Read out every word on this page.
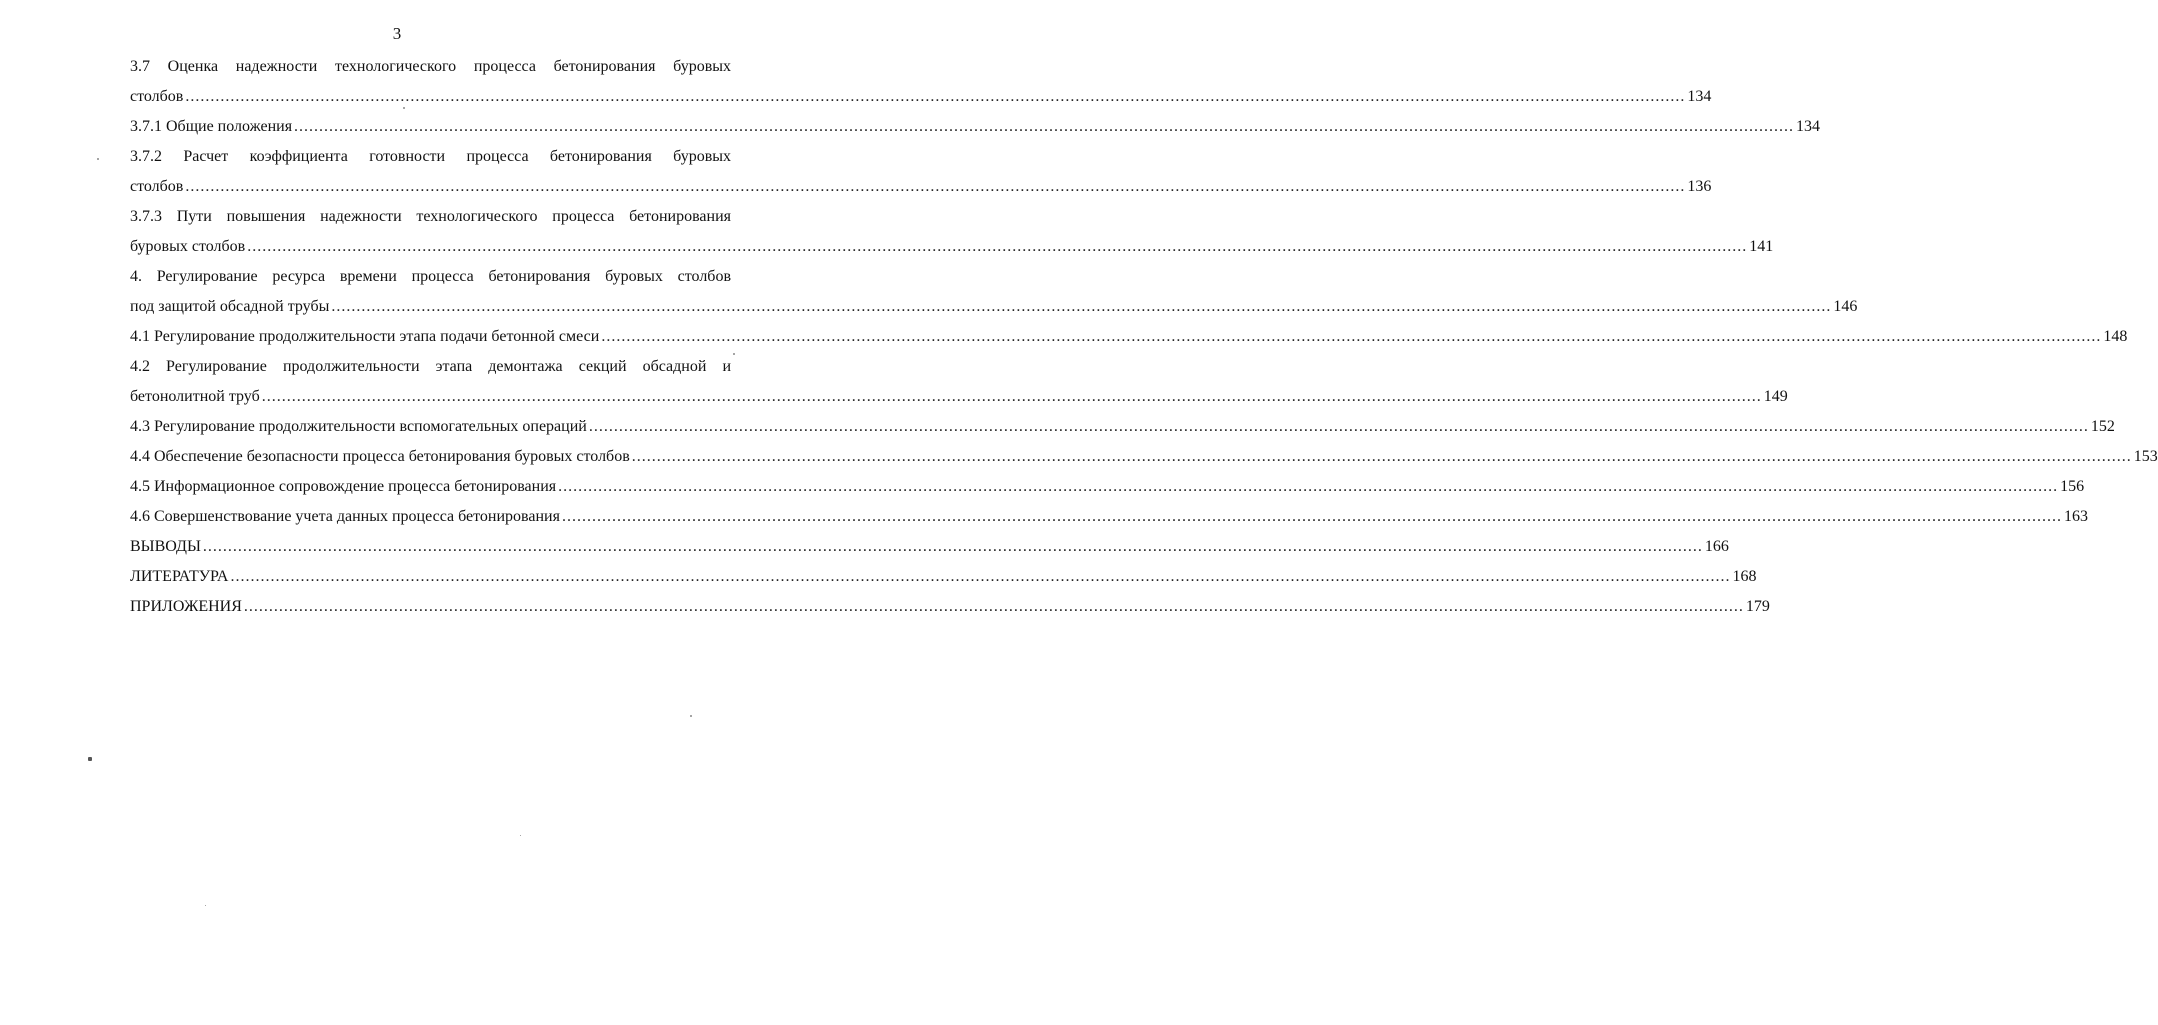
3
3.7 Оценка надежности технологического процесса бетонирования буровых
столбов ............................................................................................................................................................................................................................................................................................................ 134
3.7.1 Общие положения ............................................................................................................................................................................................................................................................................................................ 134
3.7.2 Расчет коэффициента готовности процесса бетонирования буровых
столбов ............................................................................................................................................................................................................................................................................................................ 136
3.7.3 Пути повышения надежности технологического процесса бетонирования
буровых столбов ............................................................................................................................................................................................................................................................................................................ 141
4. Регулирование ресурса времени процесса бетонирования буровых столбов
под защитой обсадной трубы ............................................................................................................................................................................................................................................................................................................ 146
4.1 Регулирование продолжительности этапа подачи бетонной смеси ............................................................................................................................................................................................................................................................................................................ 148
4.2 Регулирование продолжительности этапа демонтажа секций обсадной и
бетонолитной труб ............................................................................................................................................................................................................................................................................................................ 149
4.3 Регулирование продолжительности вспомогательных операций ............................................................................................................................................................................................................................................................................................................ 152
4.4 Обеспечение безопасности процесса бетонирования буровых столбов ............................................................................................................................................................................................................................................................................................................ 153
4.5 Информационное сопровождение процесса бетонирования ............................................................................................................................................................................................................................................................................................................ 156
4.6 Совершенствование учета данных процесса бетонирования ............................................................................................................................................................................................................................................................................................................ 163
ВЫВОДЫ ............................................................................................................................................................................................................................................................................................................ 166
ЛИТЕРАТУРА ............................................................................................................................................................................................................................................................................................................ 168
ПРИЛОЖЕНИЯ ............................................................................................................................................................................................................................................................................................................ 179
